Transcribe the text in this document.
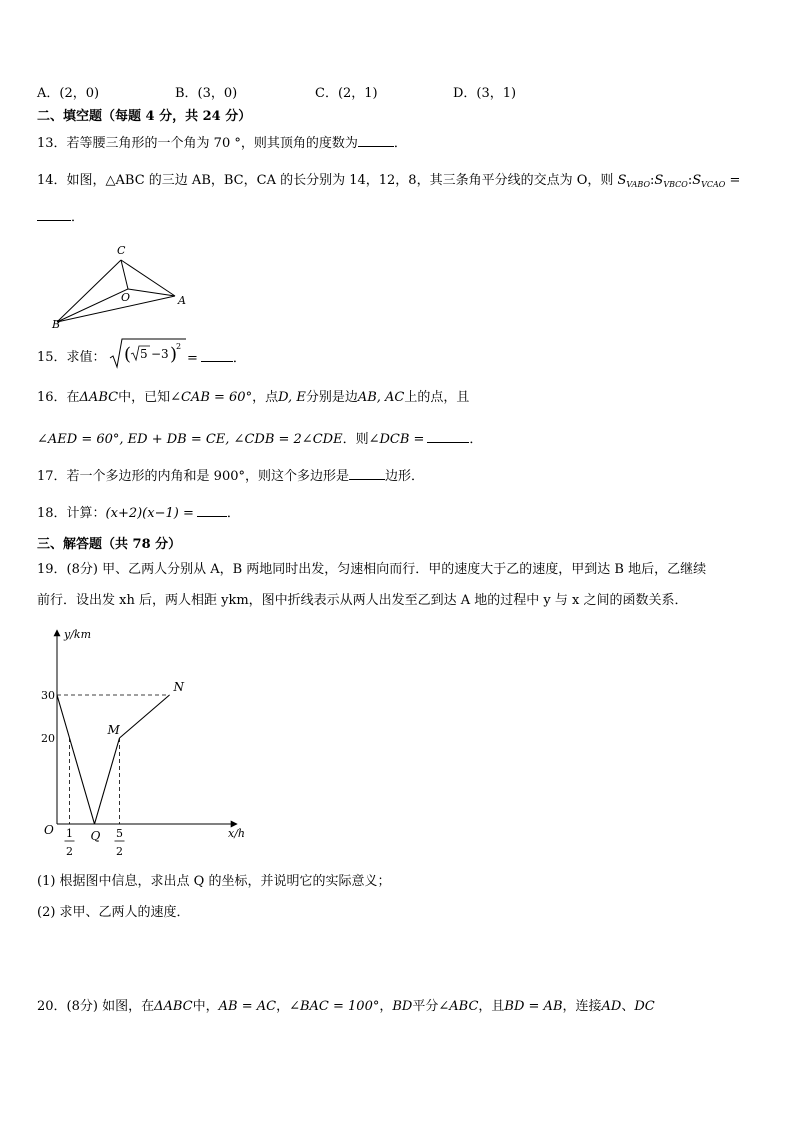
A．(2，0)	B．(3，0)	C．(2，1)	D．(3，1)
二、填空题（每题 4 分，共 24 分）
13．若等腰三角形的一个角为 70 °，则其顶角的度数为	．
14．如图，△ABC 的三边 AB，BC，CA 的长分别为 14，12，8，其三条角平分线的交点为 O，则 $S_{VABO}:S_{VBCO}:S_{VCAO}$ =
．
C
O	A
B
15．求值： ( 5 −3 )
2
=	．
16．在ΔABC中，已知∠CAB = 60°，点D, E分别是边AB, AC上的点，且
∠AED = 60°, ED + DB = CE, ∠CDB = 2∠CDE．则∠DCB =	．
17．若一个多边形的内角和是 900°，则这个多边形是	边形．
18．计算：(x+2)(x−1) =	．
三、解答题（共 78 分）
19．(8分) 甲、乙两人分别从 A，B 两地同时出发，匀速相向而行．甲的速度大于乙的速度，甲到达 B 地后，乙继续
前行．设出发 xh 后，两人相距 ykm，图中折线表示从两人出发至乙到达 A 地的过程中 y 与 x 之间的函数关系．
y/km
x/h
O	Q
M
N
30
20
1
2
5
2
(1) 根据图中信息，求出点 Q 的坐标，并说明它的实际意义；
(2) 求甲、乙两人的速度．
20．(8分) 如图，在ΔABC中，AB = AC，∠BAC = 100°，BD平分∠ABC，且BD = AB，连接AD、DC
